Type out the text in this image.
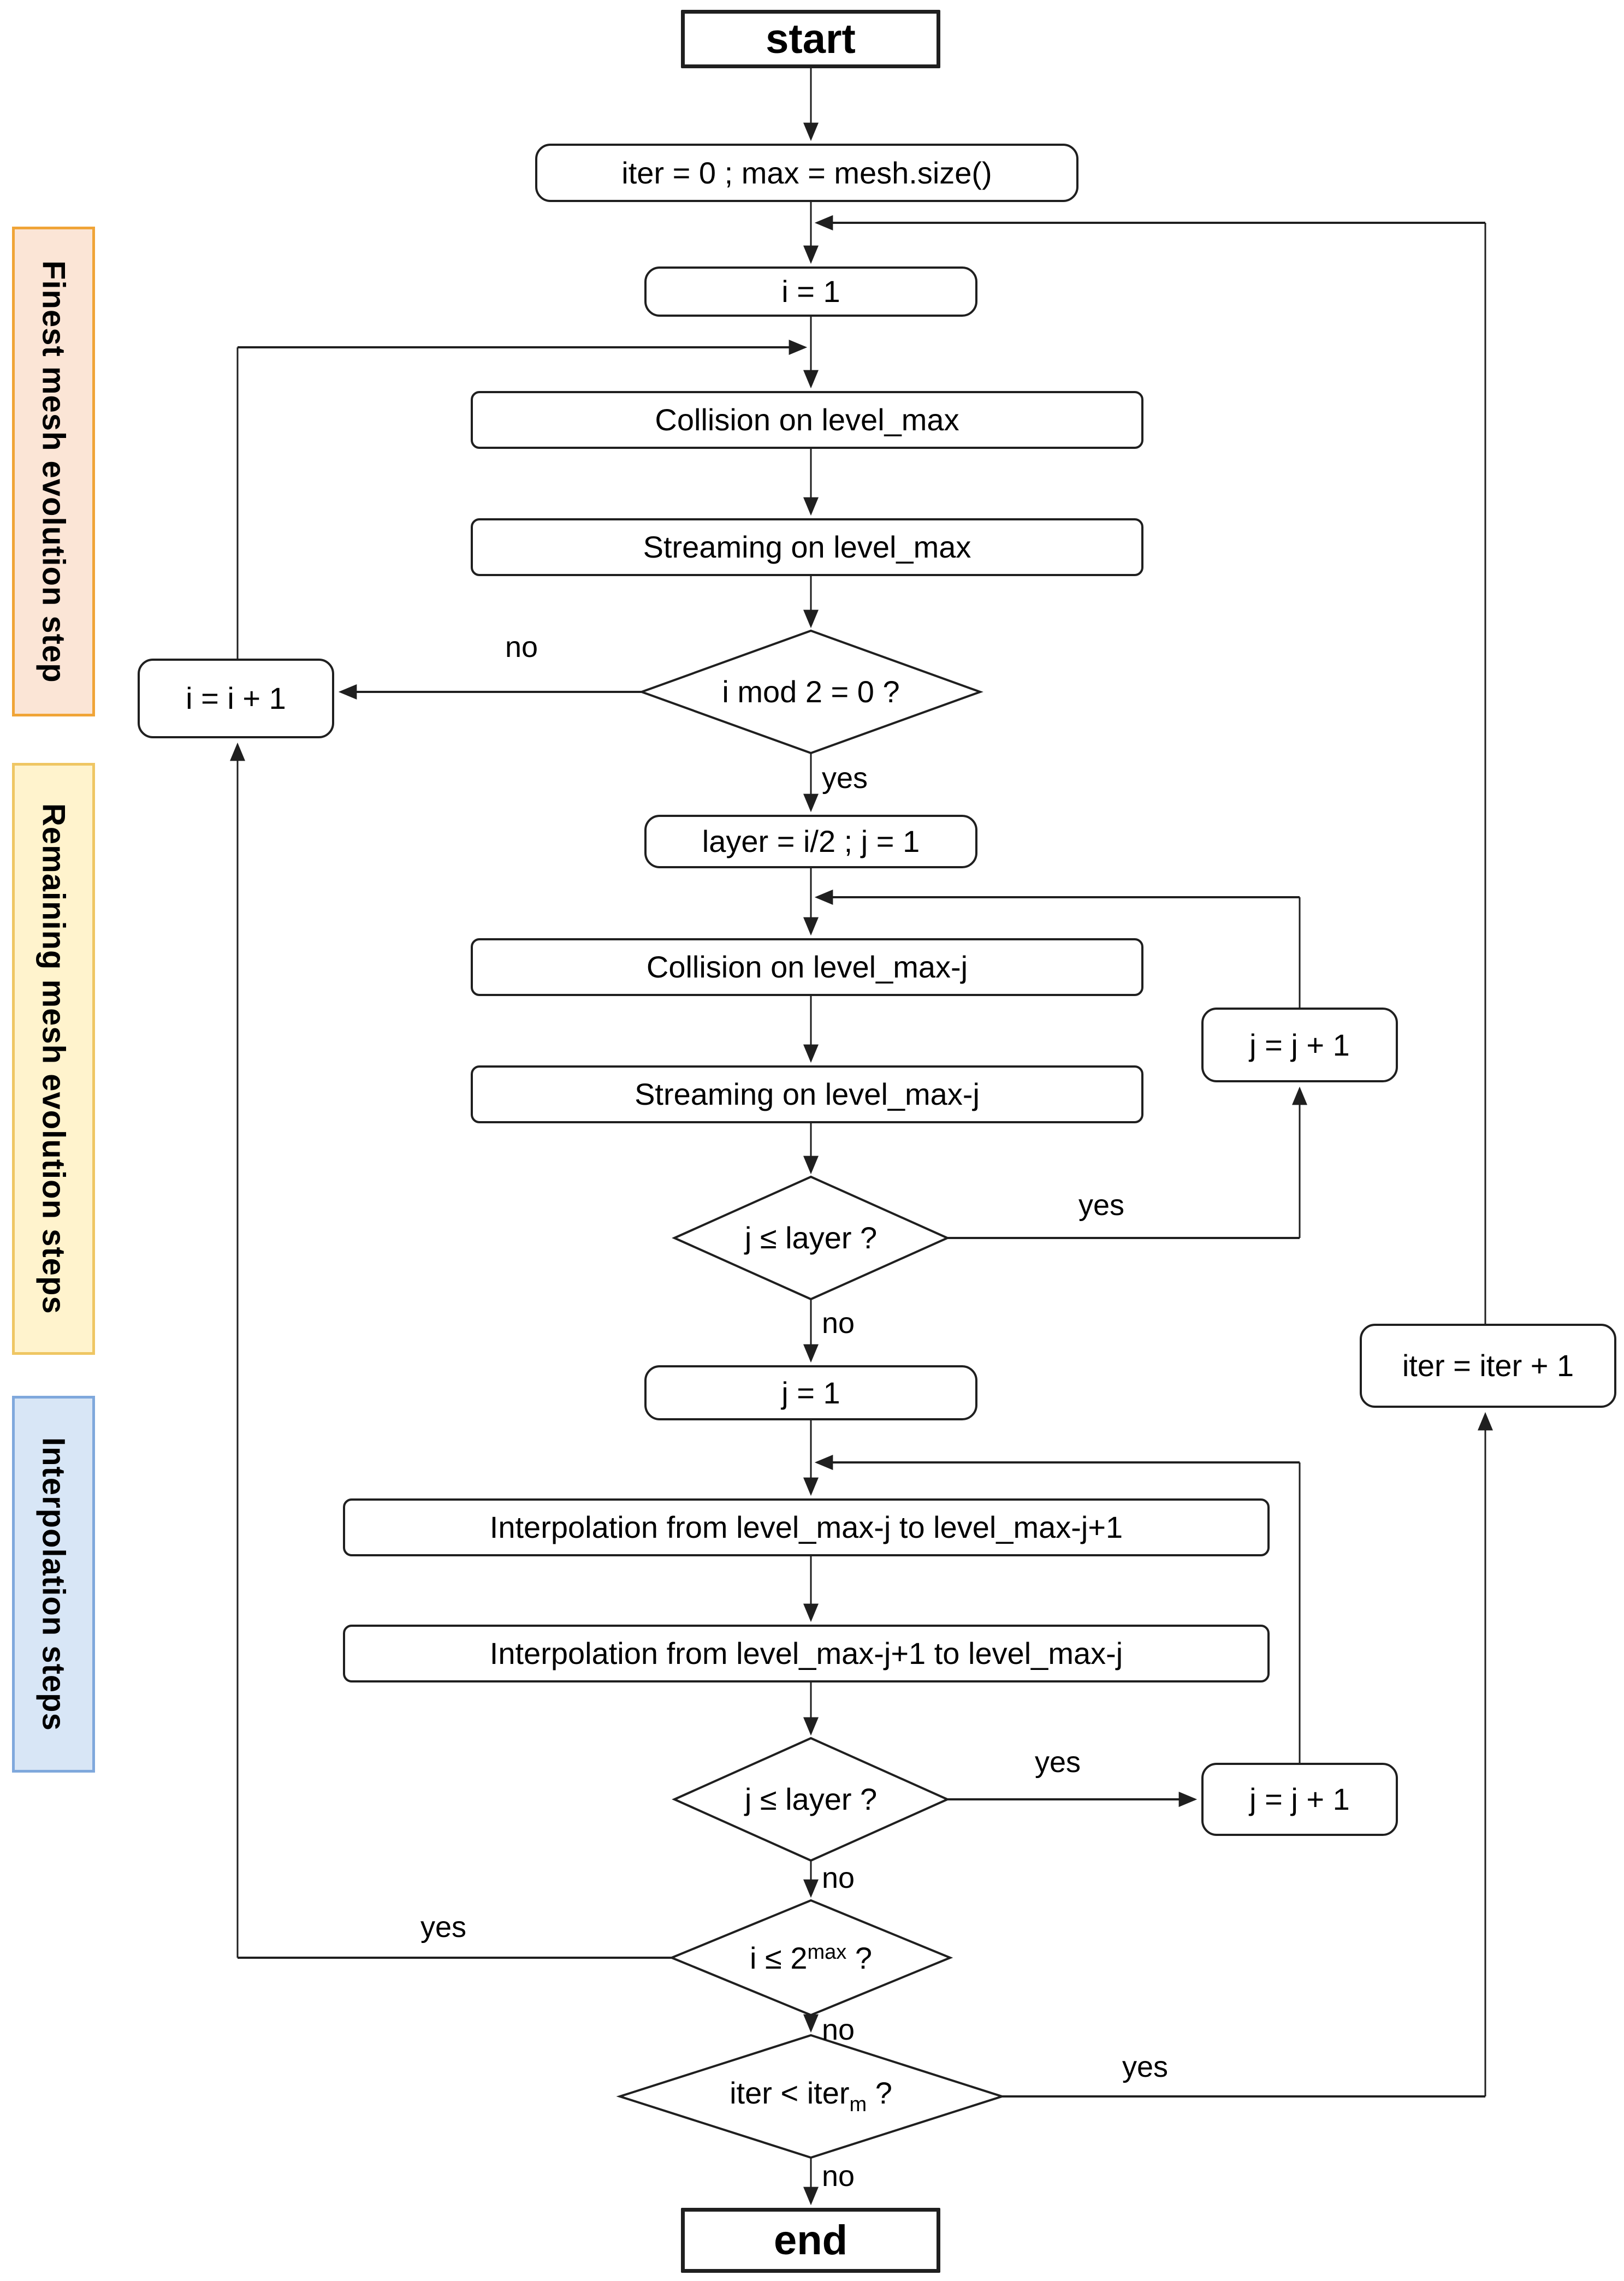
start
iter = 0 ; max = mesh.size()
i = 1
Collision on level_max
Streaming on level_max
i = i + 1
layer = i/2 ; j = 1
Collision on level_max-j
j = j + 1
Streaming on level_max-j
j = 1
Interpolation from level_max-j to level_max-j+1
Interpolation from level_max-j+1 to level_max-j
j = j + 1
iter = iter + 1
end
i mod 2 = 0 ?
j ≤ layer ?
j ≤ layer ?
$i \le 2^{max}$ ?
iter < iter$_m$ ?
no
yes
yes
no
yes
no
yes
no
yes
no
Finest mesh evolution step
Remaining mesh evolution steps
Interpolation steps
